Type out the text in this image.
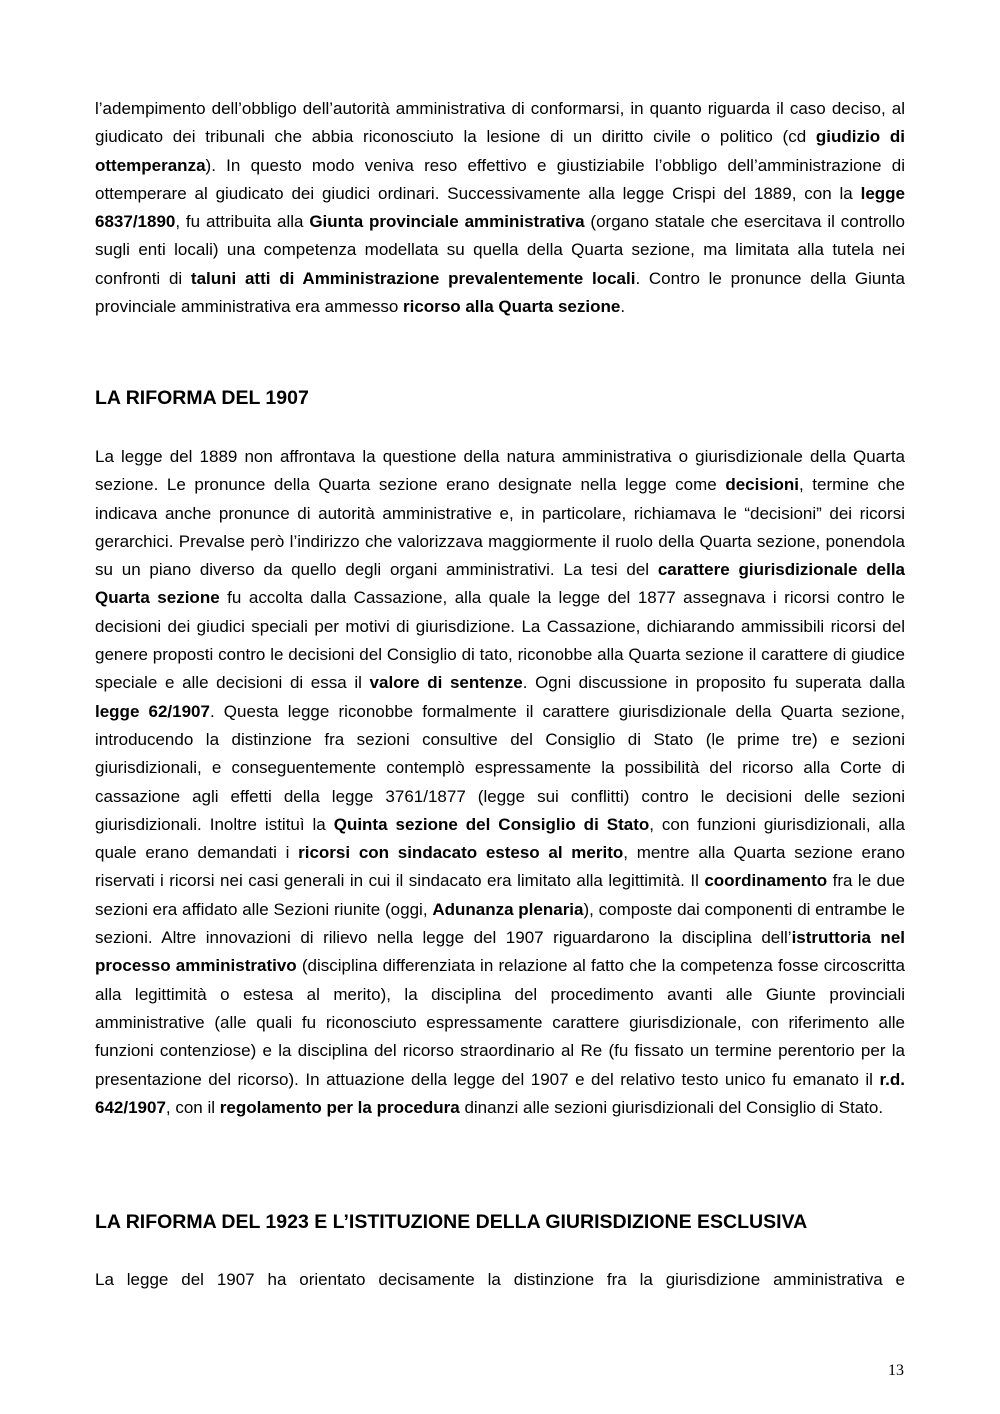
l’adempimento dell’obbligo dell’autorità amministrativa di conformarsi, in quanto riguarda il caso deciso, al giudicato dei tribunali che abbia riconosciuto la lesione di un diritto civile o politico (cd giudizio di ottemperanza). In questo modo veniva reso effettivo e giustiziabile l’obbligo dell’amministrazione di ottemperare al giudicato dei giudici ordinari. Successivamente alla legge Crispi del 1889, con la legge 6837/1890, fu attribuita alla Giunta provinciale amministrativa (organo statale che esercitava il controllo sugli enti locali) una competenza modellata su quella della Quarta sezione, ma limitata alla tutela nei confronti di taluni atti di Amministrazione prevalentemente locali. Contro le pronunce della Giunta provinciale amministrativa era ammesso ricorso alla Quarta sezione.

LA RIFORMA DEL 1907

La legge del 1889 non affrontava la questione della natura amministrativa o giurisdizionale della Quarta sezione. Le pronunce della Quarta sezione erano designate nella legge come decisioni, termine che indicava anche pronunce di autorità amministrative e, in particolare, richiamava le “decisioni” dei ricorsi gerarchici. Prevalse però l’indirizzo che valorizzava maggiormente il ruolo della Quarta sezione, ponendola su un piano diverso da quello degli organi amministrativi. La tesi del carattere giurisdizionale della Quarta sezione fu accolta dalla Cassazione, alla quale la legge del 1877 assegnava i ricorsi contro le decisioni dei giudici speciali per motivi di giurisdizione. La Cassazione, dichiarando ammissibili ricorsi del genere proposti contro le decisioni del Consiglio di tato, riconobbe alla Quarta sezione il carattere di giudice speciale e alle decisioni di essa il valore di sentenze. Ogni discussione in proposito fu superata dalla legge 62/1907. Questa legge riconobbe formalmente il carattere giurisdizionale della Quarta sezione, introducendo la distinzione fra sezioni consultive del Consiglio di Stato (le prime tre) e sezioni giurisdizionali, e conseguentemente contemplò espressamente la possibilità del ricorso alla Corte di cassazione agli effetti della legge 3761/1877 (legge sui conflitti) contro le decisioni delle sezioni giurisdizionali. Inoltre istituì la Quinta sezione del Consiglio di Stato, con funzioni giurisdizionali, alla quale erano demandati i ricorsi con sindacato esteso al merito, mentre alla Quarta sezione erano riservati i ricorsi nei casi generali in cui il sindacato era limitato alla legittimità. Il coordinamento fra le due sezioni era affidato alle Sezioni riunite (oggi, Adunanza plenaria), composte dai componenti di entrambe le sezioni. Altre innovazioni di rilievo nella legge del 1907 riguardarono la disciplina dell’istruttoria nel processo amministrativo (disciplina differenziata in relazione al fatto che la competenza fosse circoscritta alla legittimità o estesa al merito), la disciplina del procedimento avanti alle Giunte provinciali amministrative (alle quali fu riconosciuto espressamente carattere giurisdizionale, con riferimento alle funzioni contenziose) e la disciplina del ricorso straordinario al Re (fu fissato un termine perentorio per la presentazione del ricorso). In attuazione della legge del 1907 e del relativo testo unico fu emanato il r.d. 642/1907, con il regolamento per la procedura dinanzi alle sezioni giurisdizionali del Consiglio di Stato.

LA RIFORMA DEL 1923 E L’ISTITUZIONE DELLA GIURISDIZIONE ESCLUSIVA

La legge del 1907 ha orientato decisamente la distinzione fra la giurisdizione amministrativa e

13
